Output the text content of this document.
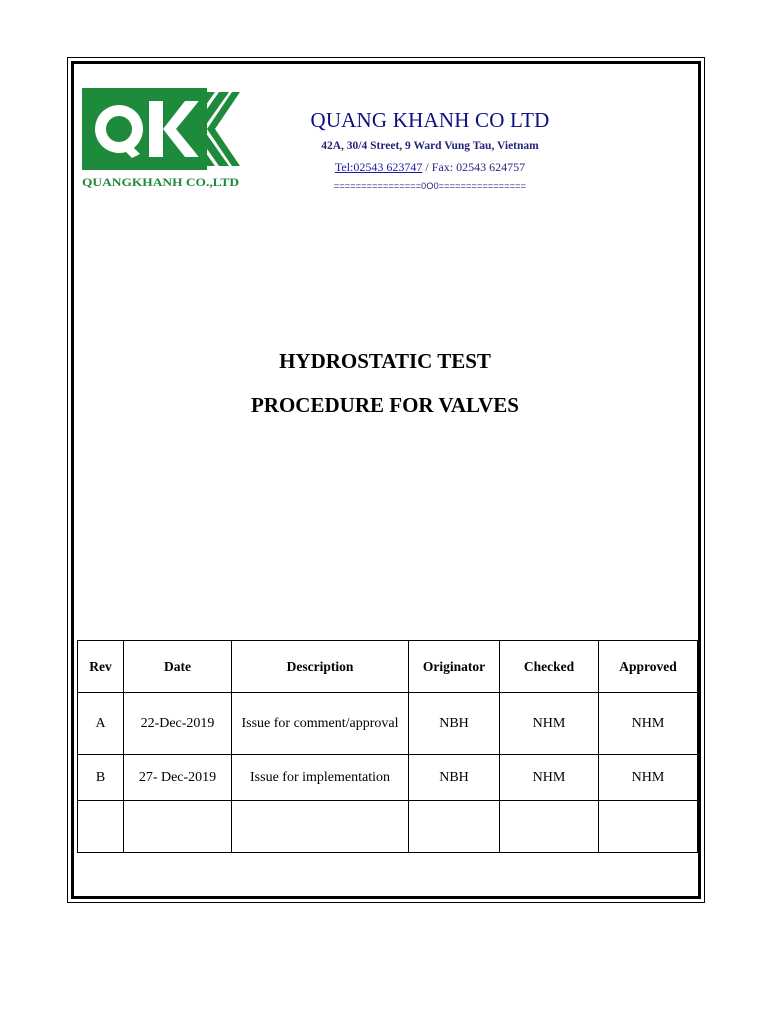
QUANGKHANH CO.,LTD
QUANG KHANH CO LTD
42A, 30/4 Street, 9 Ward Vung Tau, Vietnam
Tel:02543 623747 / Fax: 02543 624757
================0O0================
HYDROSTATIC TEST
PROCEDURE FOR VALVES
Rev	Date	Description	Originator	Checked	Approved
A	22-Dec-2019	Issue for comment/approval	NBH	NHM	NHM
B	27- Dec-2019	Issue for implementation	NBH	NHM	NHM
